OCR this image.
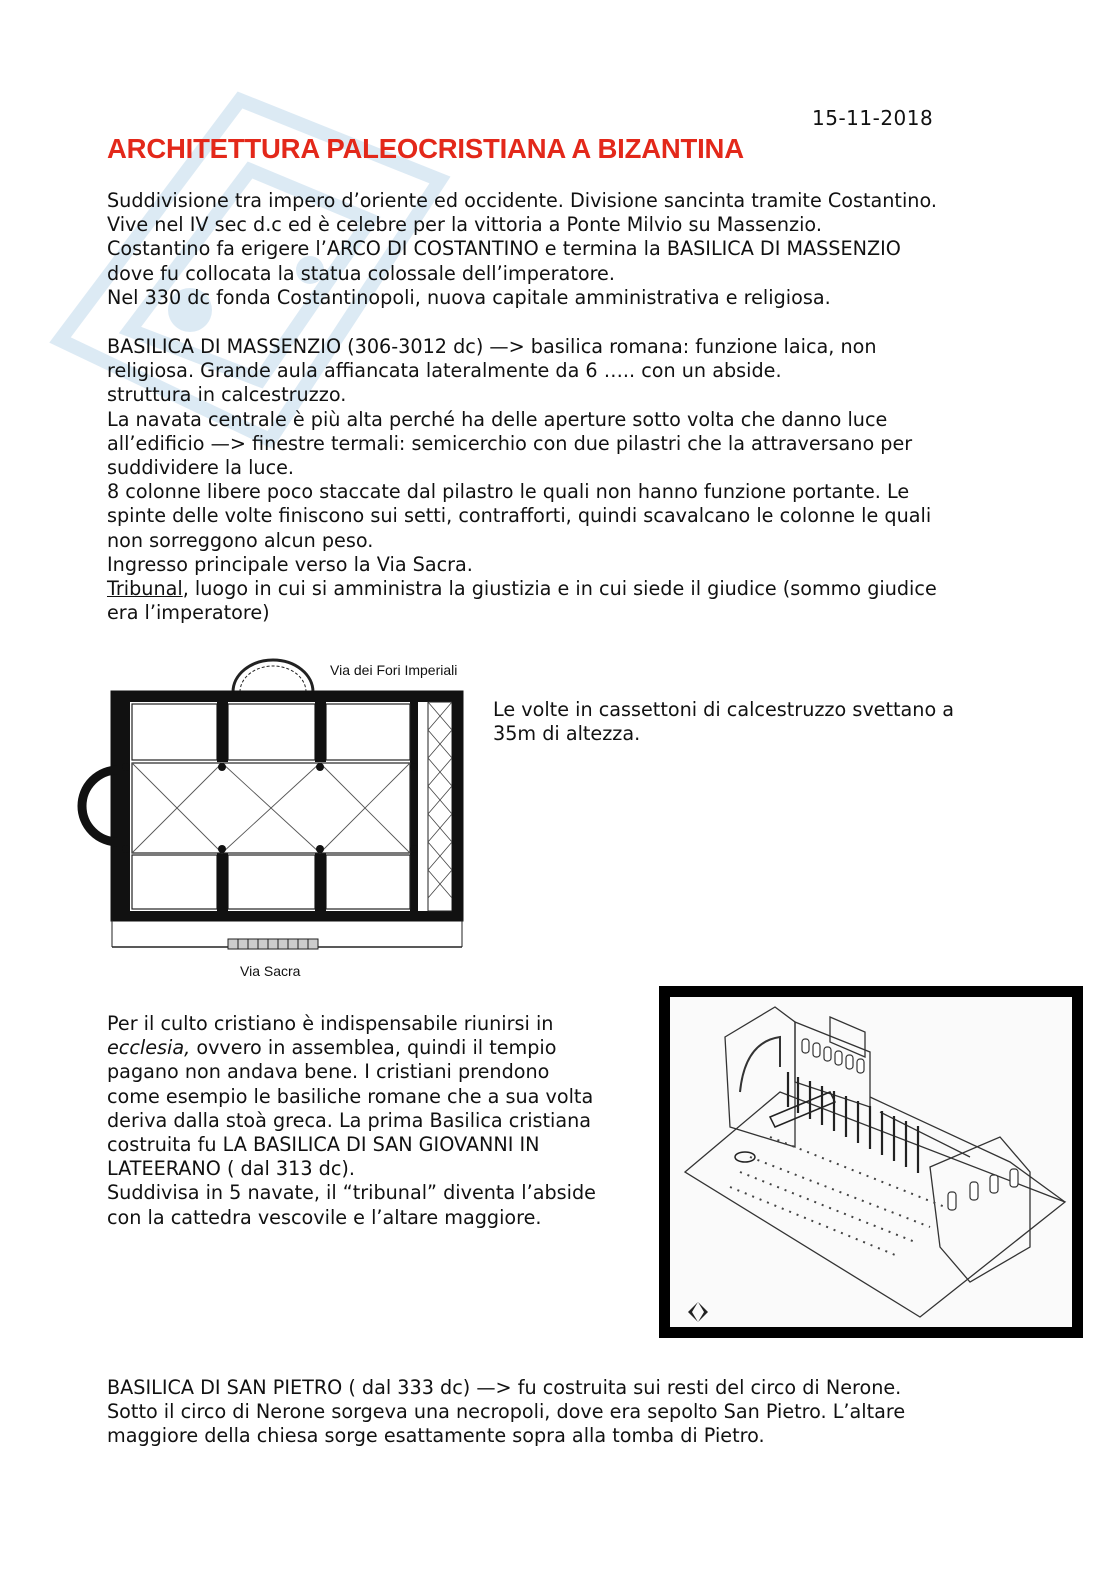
15-11-2018
ARCHITETTURA PALEOCRISTIANA A BIZANTINA

Suddivisione tra impero d’oriente ed occidente. Divisione sancinta tramite Costantino.

Vive nel IV sec d.c ed è celebre per la vittoria a Ponte Milvio su Massenzio.

Costantino fa erigere l’ARCO DI COSTANTINO e termina la BASILICA DI MASSENZIO

dove fu collocata la statua colossale dell’imperatore.

Nel 330 dc fonda Costantinopoli, nuova capitale amministrativa e religiosa.

BASILICA DI MASSENZIO (306-3012 dc) —> basilica romana: funzione laica, non

religiosa. Grande aula affiancata lateralmente da 6 ….. con un abside.

struttura in calcestruzzo.

La navata centrale è più alta perché ha delle aperture sotto volta che danno luce

all’edificio —> finestre termali: semicerchio con due pilastri che la attraversano per

suddividere la luce.

8 colonne libere poco staccate dal pilastro le quali non hanno funzione portante. Le

spinte delle volte finiscono sui setti, contrafforti, quindi scavalcano le colonne le quali

non sorreggono alcun peso.

Ingresso principale verso la Via Sacra.

Tribunal, luogo in cui si amministra la giustizia e in cui siede il giudice (sommo giudice

era l’imperatore)

Via dei Fori Imperiali
Via Sacra

Le volte in cassettoni di calcestruzzo svettano a

35m di altezza.

Per il culto cristiano è indispensabile riunirsi in

ecclesia, ovvero in assemblea, quindi il tempio

pagano non andava bene. I cristiani prendono

come esempio le basiliche romane che a sua volta

deriva dalla stoà greca. La prima Basilica cristiana

costruita fu LA BASILICA DI SAN GIOVANNI IN

LATEERANO ( dal 313 dc).

Suddivisa in 5 navate, il “tribunal” diventa l’abside

con la cattedra vescovile e l’altare maggiore.

BASILICA DI SAN PIETRO ( dal 333 dc) —> fu costruita sui resti del circo di Nerone.

Sotto il circo di Nerone sorgeva una necropoli, dove era sepolto San Pietro. L’altare

maggiore della chiesa sorge esattamente sopra alla tomba di Pietro.
